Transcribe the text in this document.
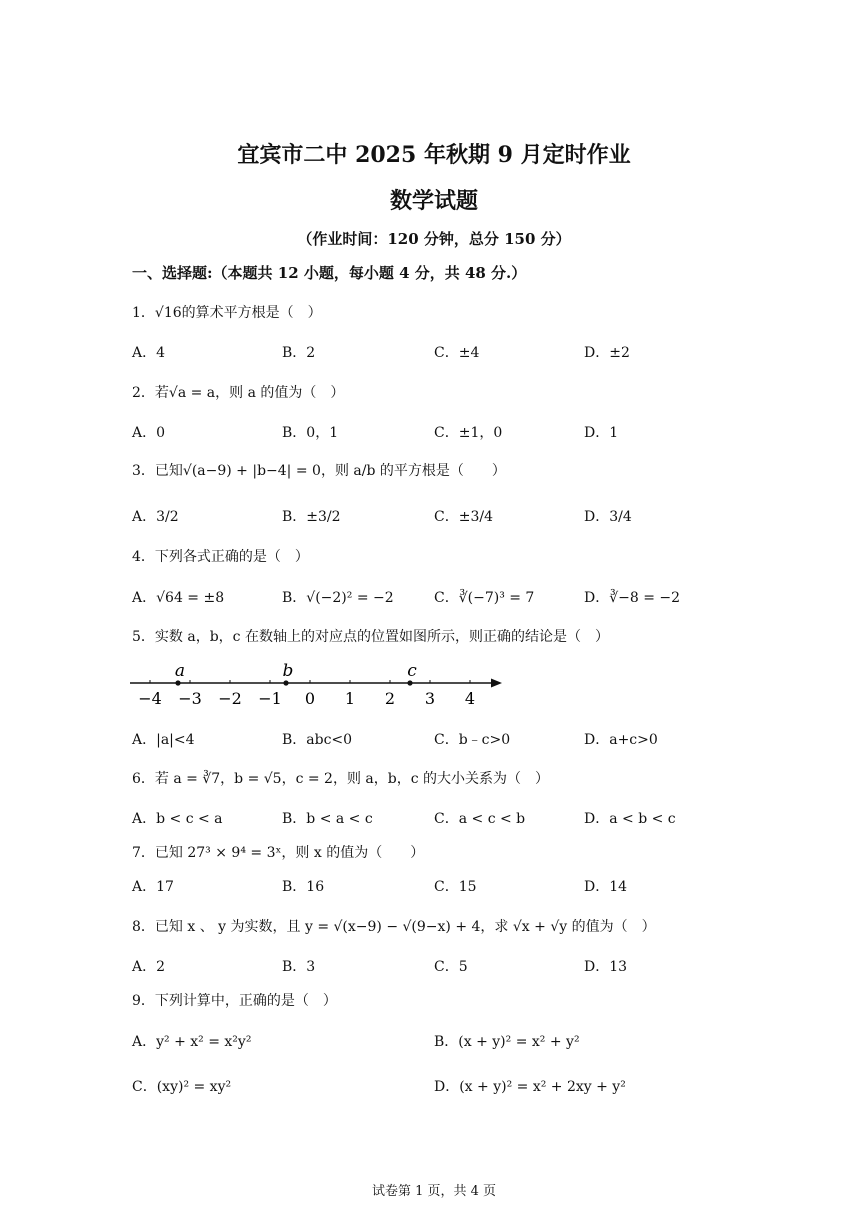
宜宾市二中 2025 年秋期 9 月定时作业
数学试题
（作业时间：120 分钟，总分 150 分）
一、选择题:（本题共 12 小题，每小题 4 分，共 48 分.）
1．√16的算术平方根是（　）
A．4	B．2	C．±4	D．±2
2．若√a = a，则 a 的值为（　）
A．0	B．0，1	C．±1，0	D．1
3．已知√(a−9) + |b−4| = 0，则 a/b 的平方根是（　　）
A．3/2	B．±3/2	C．±3/4	D．3/4
4．下列各式正确的是（　）
A．√64 = ±8	B．√(−2)² = −2	C．∛(−7)³ = 7	D．∛−8 = −2
5．实数 a，b，c 在数轴上的对应点的位置如图所示，则正确的结论是（　）
−4 −3 −2 −1 0 1 2 3 4
a	b	c
A．|a|<4	B．abc<0	C．b﹣c>0	D．a+c>0
6．若 a = ∛7，b = √5，c = 2，则 a，b，c 的大小关系为（　）
A．b < c < a	B．b < a < c	C．a < c < b	D．a < b < c
7．已知 27³ × 9⁴ = 3ˣ，则 x 的值为（　　）
A．17	B．16	C．15	D．14
8．已知 x 、 y 为实数，且 y = √(x−9) − √(9−x) + 4，求 √x + √y 的值为（　）
A．2	B．3	C．5	D．13
9．下列计算中，正确的是（　）
A．y² + x² = x²y²	B．(x + y)² = x² + y²
C．(xy)² = xy²	D．(x + y)² = x² + 2xy + y²
试卷第 1 页，共 4 页
